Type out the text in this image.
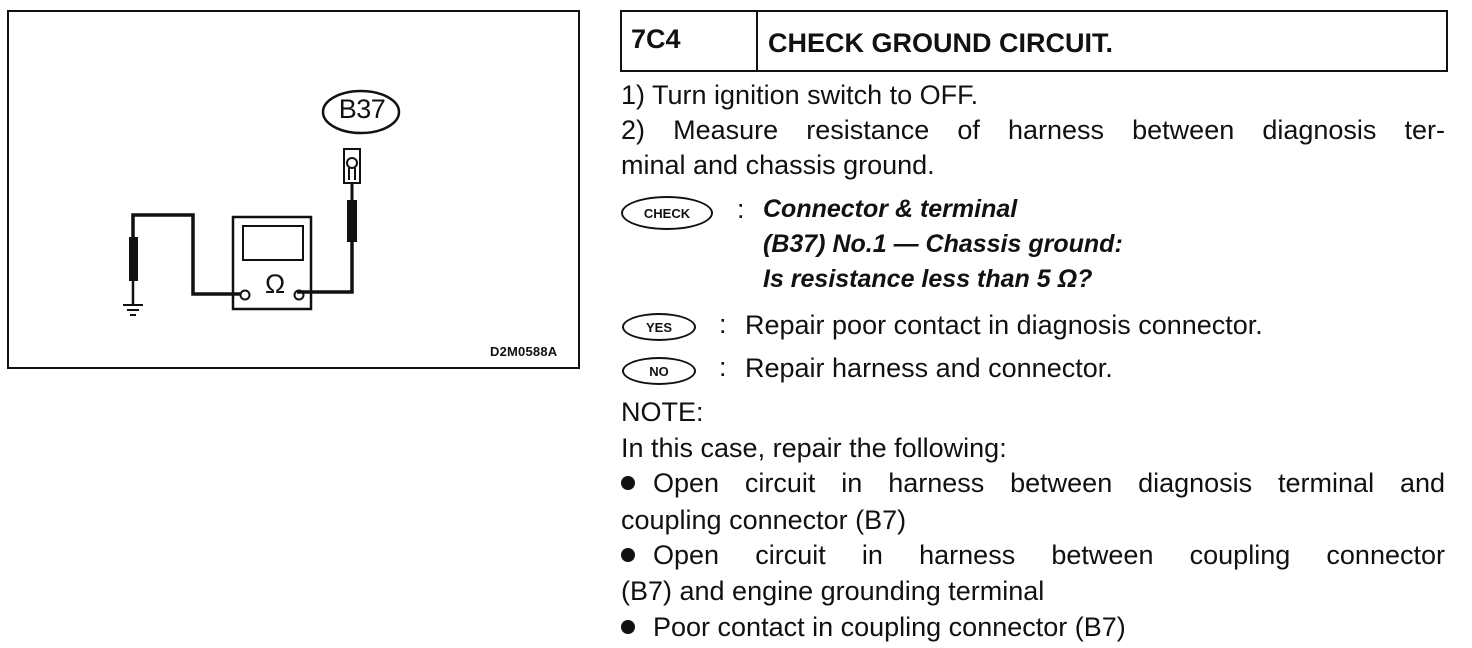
B37
Ω
D2M0588A
7C4	CHECK GROUND CIRCUIT.
1) Turn ignition switch to OFF.
2) Measure resistance of harness between diagnosis ter-
minal and chassis ground.
CHECK	: Connector & terminal
(B37) No.1 — Chassis ground:
Is resistance less than 5 Ω?
YES	: Repair poor contact in diagnosis connector.
NO	: Repair harness and connector.
NOTE:
In this case, repair the following:
Open circuit in harness between diagnosis terminal and
coupling connector (B7)
Open circuit in harness between coupling connector
(B7) and engine grounding terminal
Poor contact in coupling connector (B7)
